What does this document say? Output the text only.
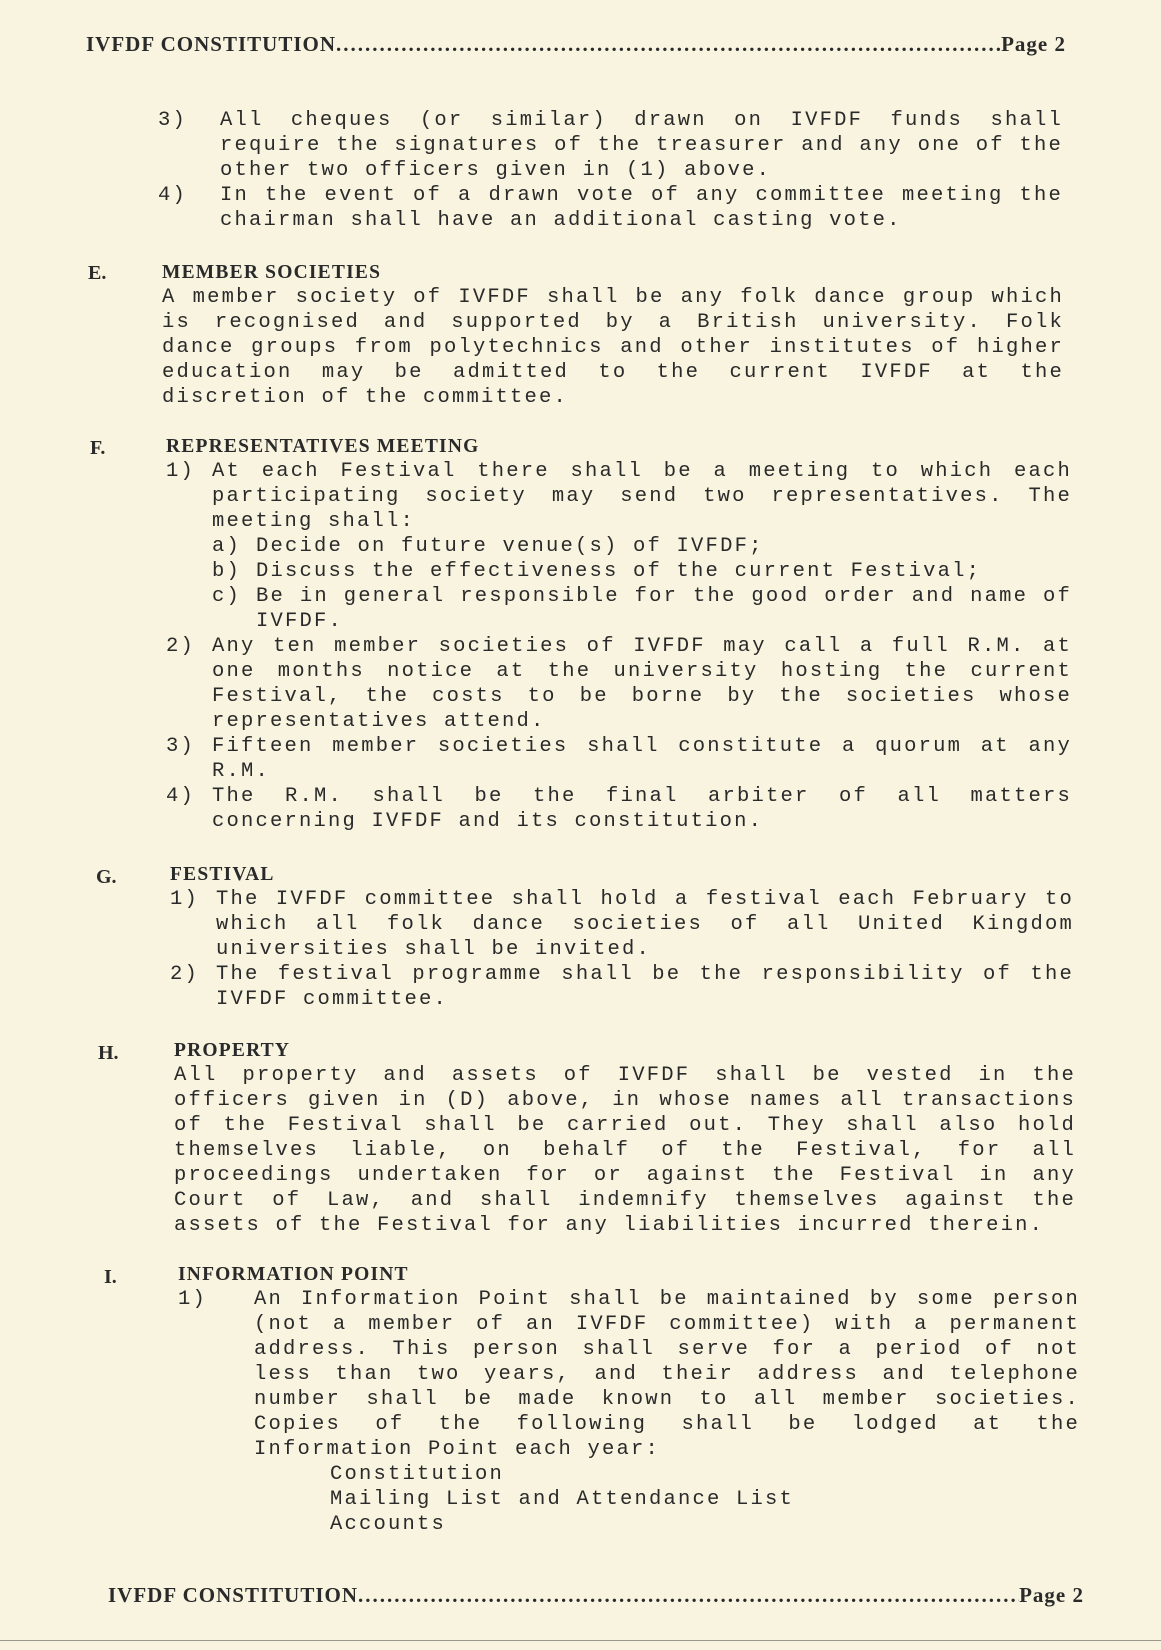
IVFDF CONSTITUTION .....	Page 2
3)	All cheques (or similar) drawn on IVFDF funds shall require the signatures of the treasurer and any one of the other two officers given in (1) above.
4)	In the event of a drawn vote of any committee meeting the chairman shall have an additional casting vote.
E.	MEMBER SOCIETIES
A member society of IVFDF shall be any folk dance group which is recognised and supported by a British university. Folk dance groups from polytechnics and other institutes of higher education may be admitted to the current IVFDF at the discretion of the committee.
F.	REPRESENTATIVES MEETING
1) At each Festival there shall be a meeting to which each participating society may send two representatives. The meeting shall:
a) Decide on future venue(s) of IVFDF;
b) Discuss the effectiveness of the current Festival;
c) Be in general responsible for the good order and name of IVFDF.
2) Any ten member societies of IVFDF may call a full R.M. at one months notice at the university hosting the current Festival, the costs to be borne by the societies whose representatives attend.
3) Fifteen member societies shall constitute a quorum at any R.M.
4) The R.M. shall be the final arbiter of all matters concerning IVFDF and its constitution.
G.	FESTIVAL
1) The IVFDF committee shall hold a festival each February to which all folk dance societies of all United Kingdom universities shall be invited.
2) The festival programme shall be the responsibility of the IVFDF committee.
H.	PROPERTY
All property and assets of IVFDF shall be vested in the officers given in (D) above, in whose names all transactions of the Festival shall be carried out. They shall also hold themselves liable, on behalf of the Festival, for all proceedings undertaken for or against the Festival in any Court of Law, and shall indemnify themselves against the assets of the Festival for any liabilities incurred therein.
I.	INFORMATION POINT
1)	An Information Point shall be maintained by some person (not a member of an IVFDF committee) with a permanent address. This person shall serve for a period of not less than two years, and their address and telephone number shall be made known to all member societies. Copies of the following shall be lodged at the Information Point each year:
Constitution
Mailing List and Attendance List
Accounts
IVFDF CONSTITUTION .....	Page 2
